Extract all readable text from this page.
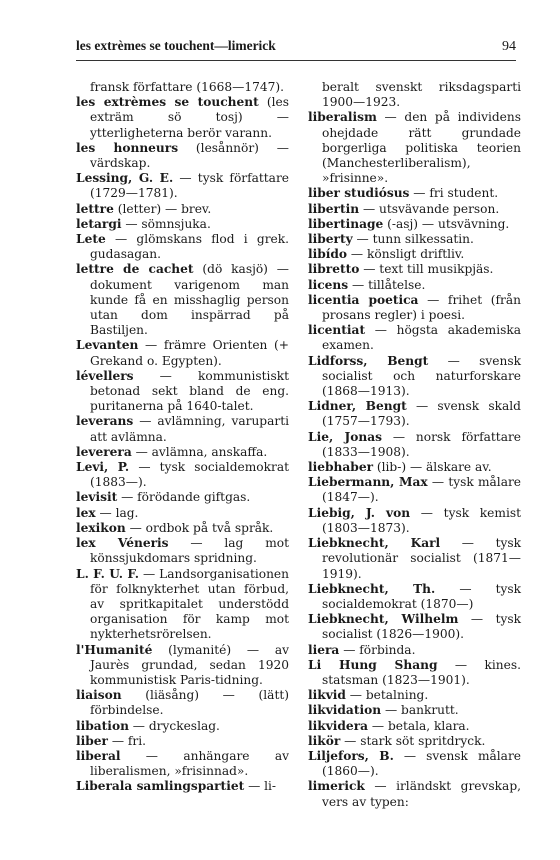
les extrèmes se touchent—limerick	94

fransk författare (1668—1747).

les extrèmes se touchent (les exträm sö tosj) — ytterligheterna berör varann.

les honneurs (lesånnör) — värdskap.

Lessing, G. E. — tysk författare (1729—1781).

lettre (letter) — brev.

letargi — sömnsjuka.

Lete — glömskans flod i grek. gudasagan.

lettre de cachet (dö kasjö) — dokument varigenom man kunde få en misshaglig person utan dom inspärrad på Bastiljen.

Levanten — främre Orienten (+ Grekand o. Egypten).

lévellers — kommunistiskt betonad sekt bland de eng. puritanerna på 1640-talet.

leverans — avlämning, varuparti att avlämna.

leverera — avlämna, anskaffa.

Levi, P. — tysk socialdemokrat (1883—).

levisit — förödande giftgas.

lex — lag.

lexikon — ordbok på två språk.

lex Véneris — lag mot könssjukdomars spridning.

L. F. U. F. — Landsorganisationen för folknykterhet utan förbud, av spritkapitalet understödd organisation för kamp mot nykterhetsrörelsen.

l'Humanité (lymanité) — av Jaurès grundad, sedan 1920 kommunistisk Paris-tidning.

liaison (liäsång) — (lätt) förbindelse.

libation — dryckeslag.

liber — fri.

liberal — anhängare av liberalismen, »frisinnad».

Liberala samlingspartiet — li-

beralt svenskt riksdagsparti 1900—1923.

liberalism — den på individens ohejdade rätt grundade borgerliga politiska teorien (Manchesterliberalism), »frisinne».

liber studiósus — fri student.

libertin — utsvävande person.

libertinage (-asj) — utsvävning.

liberty — tunn silkessatin.

libído — könsligt driftliv.

libretto — text till musikpjäs.

licens — tillåtelse.

licentia poetica — frihet (från prosans regler) i poesi.

licentiat — högsta akademiska examen.

Lidforss, Bengt — svensk socialist och naturforskare (1868—1913).

Lidner, Bengt — svensk skald (1757—1793).

Lie, Jonas — norsk författare (1833—1908).

liebhaber (lib-) — älskare av.

Liebermann, Max — tysk målare (1847—).

Liebig, J. von — tysk kemist (1803—1873).

Liebknecht, Karl — tysk revolutionär socialist (1871—1919).

Liebknecht, Th. — tysk socialdemokrat (1870—)

Liebknecht, Wilhelm — tysk socialist (1826—1900).

liera — förbinda.

Li Hung Shang — kines. statsman (1823—1901).

likvid — betalning.

likvidation — bankrutt.

likvidera — betala, klara.

likör — stark söt spritdryck.

Liljefors, B. — svensk målare (1860—).

limerick — irländskt grevskap, vers av typen:
